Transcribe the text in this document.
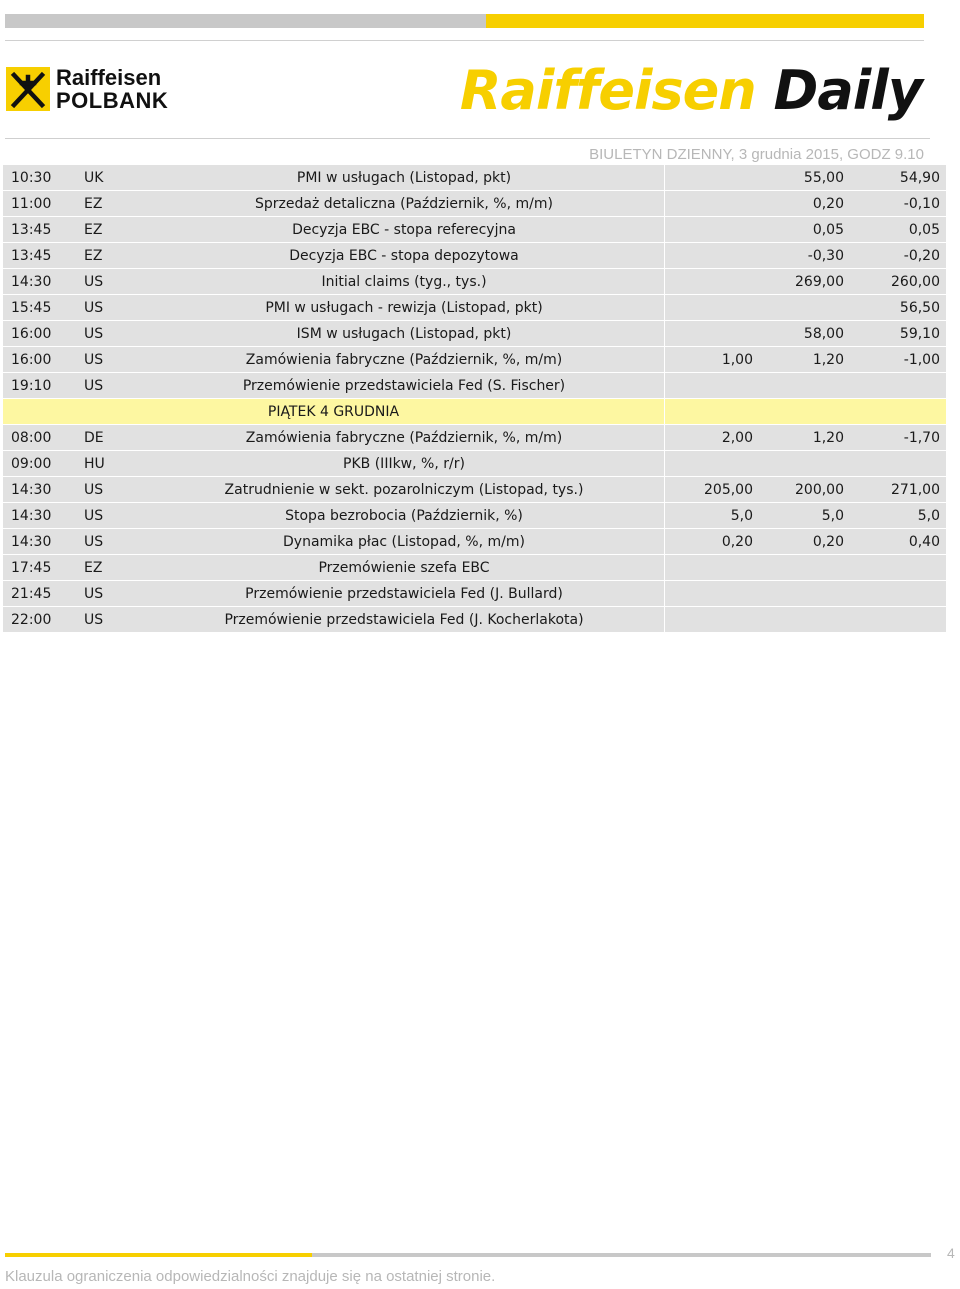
Raiffeisen
POLBANK	Raiffeisen Daily
BIULETYN DZIENNY, 3 grudnia 2015, GODZ 9.10
10:30	UK	PMI w usługach (Listopad, pkt)		55,00	54,90
11:00	EZ	Sprzedaż detaliczna (Październik, %, m/m)		0,20	-0,10
13:45	EZ	Decyzja EBC - stopa referecyjna		0,05	0,05
13:45	EZ	Decyzja EBC - stopa depozytowa		-0,30	-0,20
14:30	US	Initial claims (tyg., tys.)		269,00	260,00
15:45	US	PMI w usługach - rewizja (Listopad, pkt)			56,50
16:00	US	ISM w usługach (Listopad, pkt)		58,00	59,10
16:00	US	Zamówienia fabryczne (Październik, %, m/m)	1,00	1,20	-1,00
19:10	US	Przemówienie przedstawiciela Fed (S. Fischer)			
PIĄTEK 4 GRUDNIA					
08:00	DE	Zamówienia fabryczne (Październik, %, m/m)	2,00	1,20	-1,70
09:00	HU	PKB (IIIkw, %, r/r)			
14:30	US	Zatrudnienie w sekt. pozarolniczym (Listopad, tys.)	205,00	200,00	271,00
14:30	US	Stopa bezrobocia (Październik, %)	5,0	5,0	5,0
14:30	US	Dynamika płac (Listopad, %, m/m)	0,20	0,20	0,40
17:45	EZ	Przemówienie szefa EBC			
21:45	US	Przemówienie przedstawiciela Fed (J. Bullard)			
22:00	US	Przemówienie przedstawiciela Fed (J. Kocherlakota)			
4
Klauzula ograniczenia odpowiedzialności znajduje się na ostatniej stronie.
